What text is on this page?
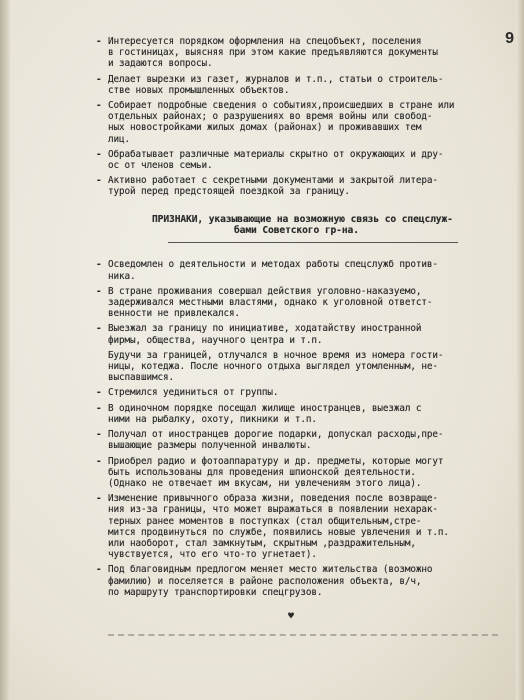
9
- Интересуется порядком оформления на спецобъект, поселения
в гостиницах, выясняя при этом какие предъявляются документы
и задаются вопросы.
- Делает вырезки из газет, журналов и т.п., статьи о строитель-
стве новых промышленных объектов.
- Собирает подробные сведения о событиях,происшедших в стране или
отдельных районах; о разрушениях во время войны или свобод-
ных новостройками жилых домах (районах) и проживавших тем
лиц.
- Обрабатывает различные материалы скрытно от окружающих и дру-
ос от членов семьи.
- Активно работает с секретными документами и закрытой литера-
турой перед предстоящей поездкой за границу.
ПРИЗНАКИ, указывающие на возможную связь со спецслуж-
бами Советского гр-на.
- Осведомлен о деятельности и методах работы спецслужб против-
ника.
- В стране проживания совершал действия уголовно-наказуемо,
задерживался местными властями, однако к уголовной ответст-
венности не привлекался.
- Выезжал за границу по инициативе, ходатайству иностранной
фирмы, общества, научного центра и т.п.
Будучи за границей, отлучался в ночное время из номера гости-
ницы, котеджа. После ночного отдыха выглядел утомленным, не-
выспавшимся.
- Стремился уединиться от группы.
- В одиночном порядке посещал жилище иностранцев, выезжал с
ними на рыбалку, охоту, пикники и т.п.
- Получал от иностранцев дорогие подарки, допускал расходы,пре-
вышающие размеры полученной инвалюты.
- Приобрел радио и фотоаппаратуру и др. предметы, которые могут
быть использованы для проведения шпионской деятельности.
(Однако не отвечает им вкусам, ни увлечениям этого лица).
- Изменение привычного образа жизни, поведения после возвраще-
ния из-за границы, что может выражаться в появлении нехарак-
терных ранее моментов в поступках (стал общительным,стре-
мится продвинуться по службе, появились новые увлечения и т.п.
или наоборот, стал замкнутым, скрытным ,раздражительным,
чувствуется, что его что-то угнетает).
- Под благовидным предлогом меняет место жительства (возможно
фамилию) и поселяется в районе расположения объекта, в/ч,
по маршруту транспортировки спецгрузов.
♥
